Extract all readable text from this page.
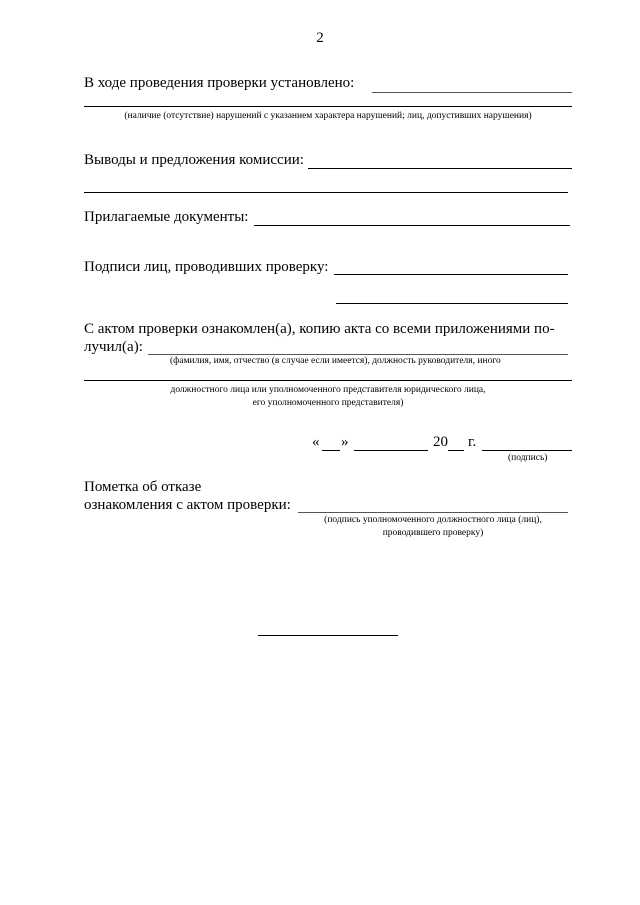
2
В ходе проведения проверки установлено:
(наличие (отсутствие) нарушений с указанием характера нарушений; лиц, допустивших нарушения)
Выводы и предложения комиссии:
Прилагаемые документы:
Подписи лиц, проводивших проверку:
С актом проверки ознакомлен(а), копию акта со всеми приложениями по-
лучил(а):
(фамилия, имя, отчество (в случае если имеется), должность руководителя, иного
должностного лица или уполномоченного представителя юридического лица,
его уполномоченного представителя)
« »	20 г.
(подпись)
Пометка об отказе
ознакомления с актом проверки:
(подпись уполномоченного должностного лица (лиц),
проводившего проверку)
